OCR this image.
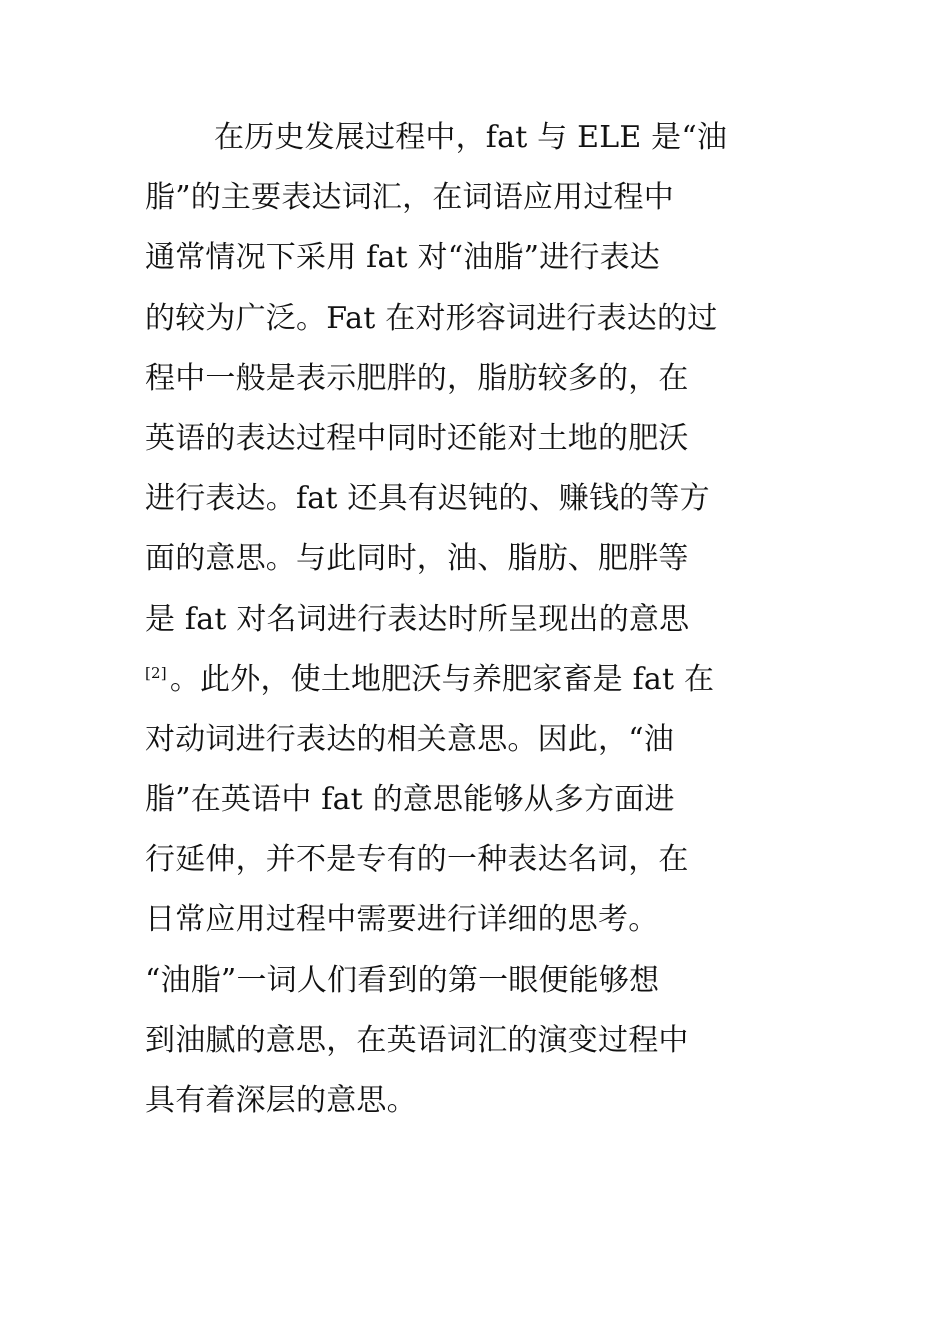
在历史发展过程中，fat 与 ELE 是“油
脂”的主要表达词汇，在词语应用过程中
通常情况下采用 fat 对“油脂”进行表达
的较为广泛。Fat 在对形容词进行表达的过
程中一般是表示肥胖的，脂肪较多的，在
英语的表达过程中同时还能对土地的肥沃
进行表达。fat 还具有迟钝的、赚钱的等方
面的意思。与此同时，油、脂肪、肥胖等
是 fat 对名词进行表达时所呈现出的意思
[2] 。此外，使土地肥沃与养肥家畜是 fat 在
对动词进行表达的相关意思。因此，“油
脂”在英语中 fat 的意思能够从多方面进
行延伸，并不是专有的一种表达名词，在
日常应用过程中需要进行详细的思考。
“油脂”一词人们看到的第一眼便能够想
到油腻的意思，在英语词汇的演变过程中
具有着深层的意思。
